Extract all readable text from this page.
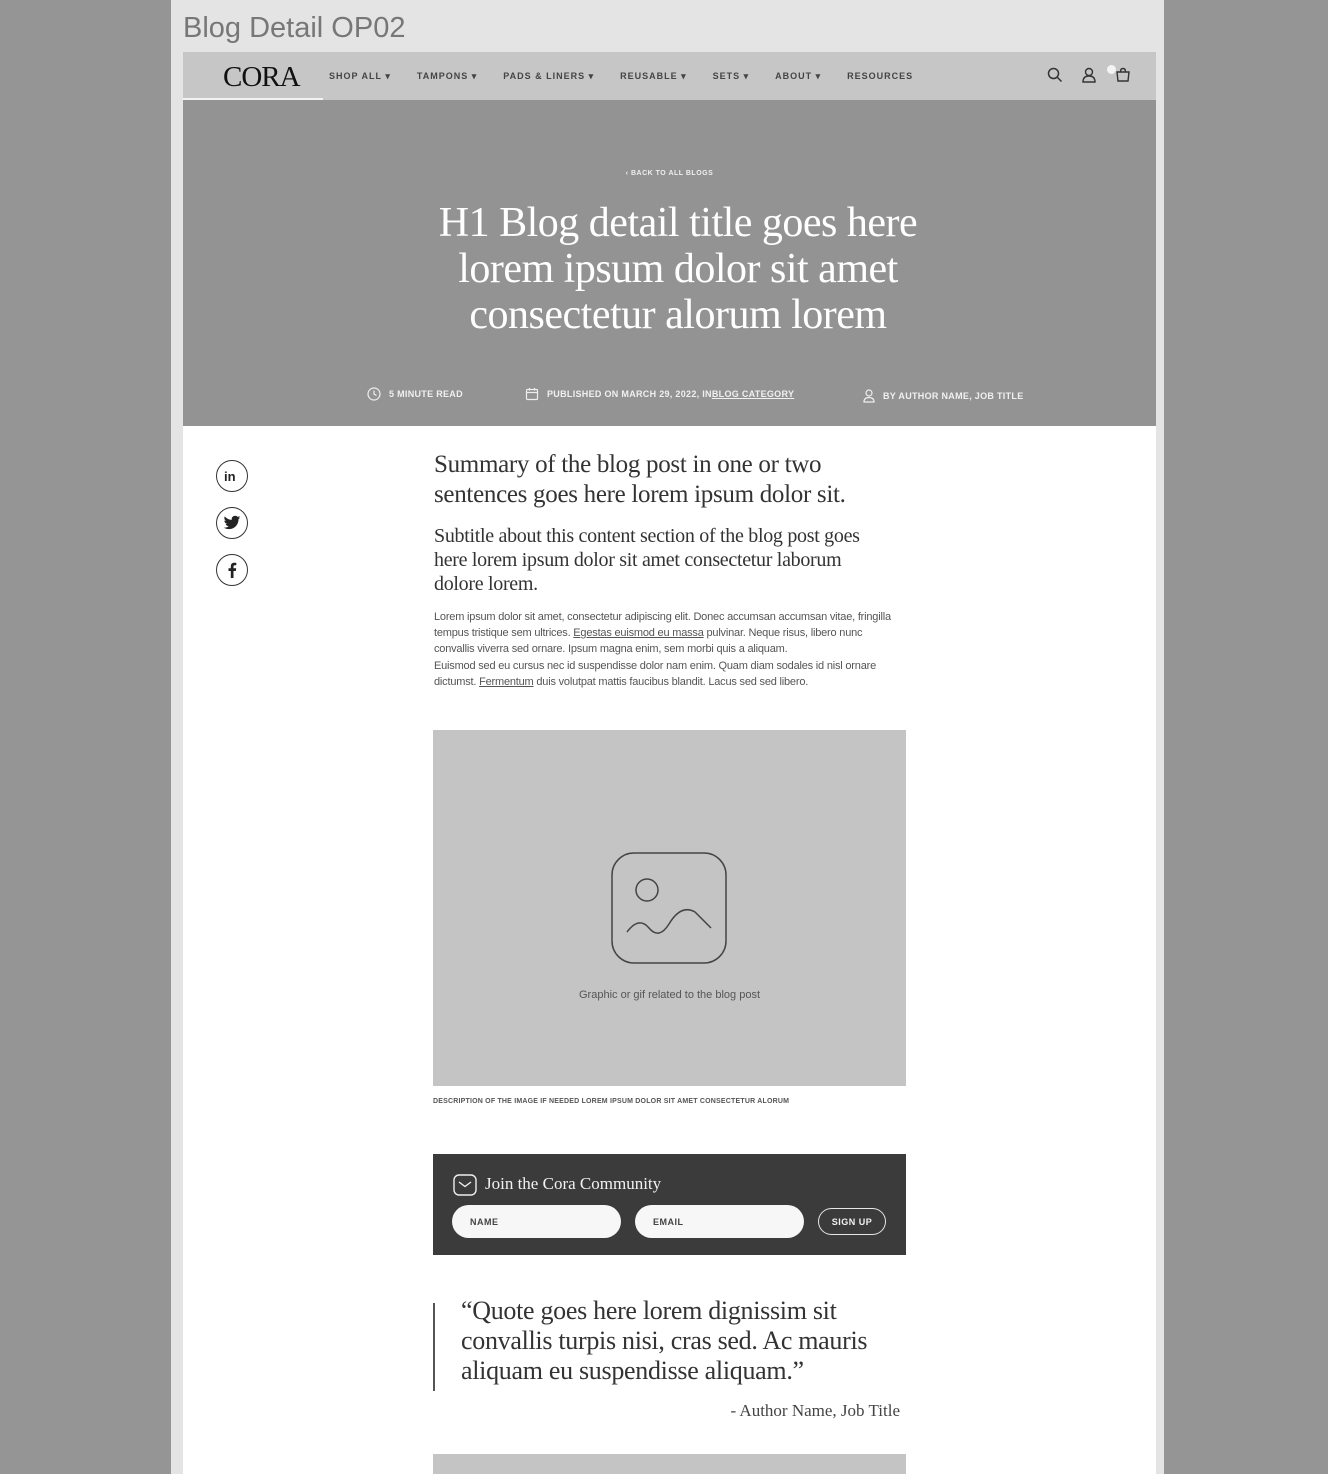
Blog Detail OP02
CORA	SHOP ALL ▾	TAMPONS ▾	PADS & LINERS ▾	REUSABLE ▾	SETS ▾	ABOUT ▾	RESOURCES
‹ BACK TO ALL BLOGS
H1 Blog detail title goes here lorem ipsum dolor sit amet consectetur alorum lorem
5 MINUTE READ	PUBLISHED ON MARCH 29, 2022, IN BLOG CATEGORY	BY AUTHOR NAME, JOB TITLE
in	Summary of the blog post in one or two sentences goes here lorem ipsum dolor sit.
Subtitle about this content section of the blog post goes here lorem ipsum dolor sit amet consectetur laborum dolore lorem.

Lorem ipsum dolor sit amet, consectetur adipiscing elit. Donec accumsan accumsan vitae, fringilla tempus tristique sem ultrices. Egestas euismod eu massa pulvinar. Neque risus, libero nunc convallis viverra sed ornare. Ipsum magna enim, sem morbi quis a aliquam.

Euismod sed eu cursus nec id suspendisse dolor nam enim. Quam diam sodales id nisl ornare dictumst. Fermentum duis volutpat mattis faucibus blandit. Lacus sed sed libero.

Graphic or gif related to the blog post
DESCRIPTION OF THE IMAGE IF NEEDED LOREM IPSUM DOLOR SIT AMET CONSECTETUR ALORUM
Join the Cora Community
NAME
EMAIL
SIGN UP
“Quote goes here lorem dignissim sit convallis turpis nisi, cras sed. Ac mauris aliquam eu suspendisse aliquam.”
- Author Name, Job Title
